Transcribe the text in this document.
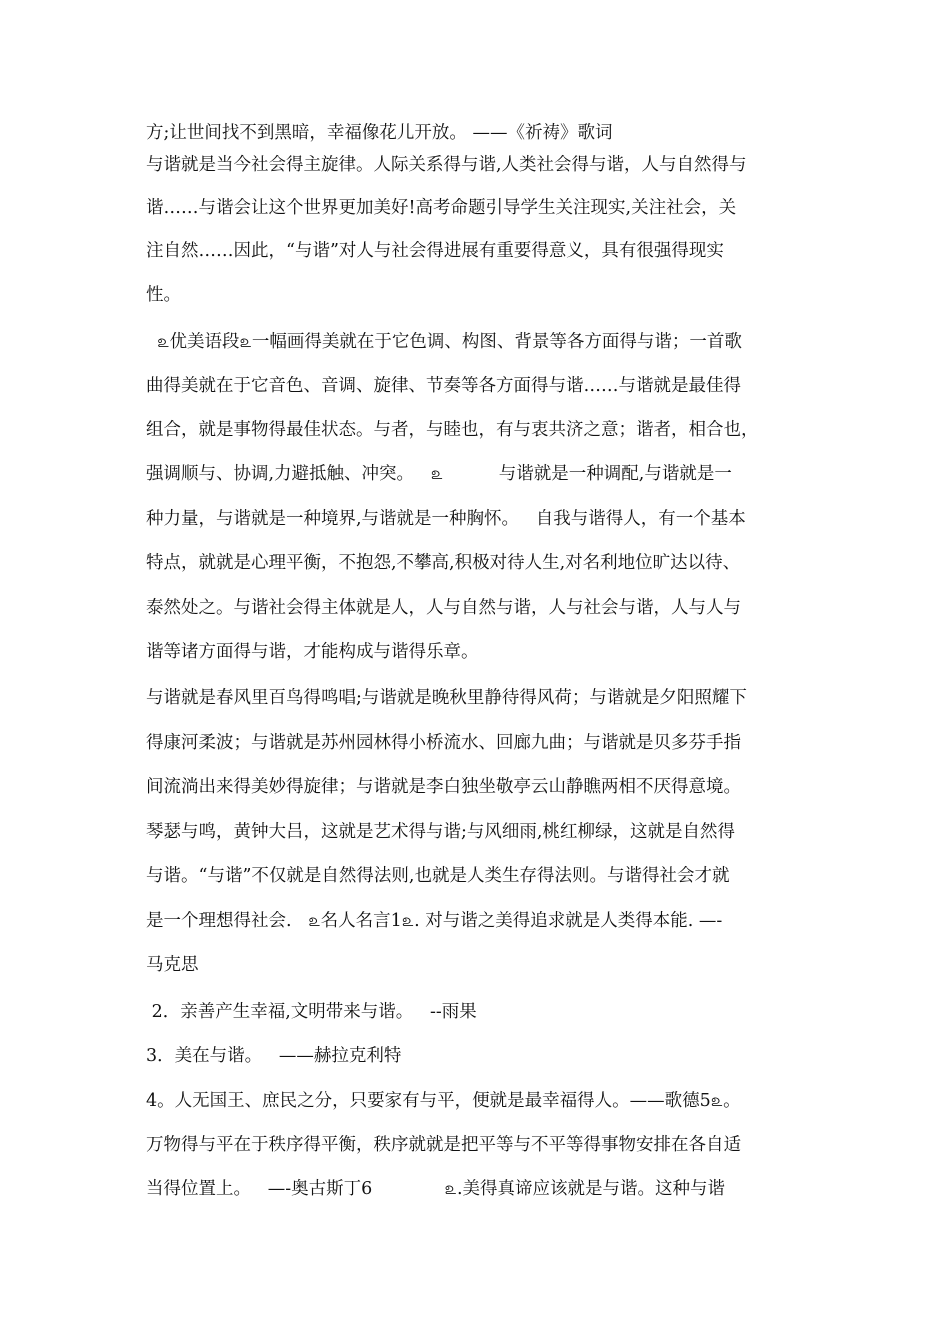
方;让世间找不到黑暗，幸福像花儿开放。 ——《祈祷》歌词
与谐就是当今社会得主旋律。人际关系得与谐,人类社会得与谐，人与自然得与
谐……与谐会让这个世界更加美好!高考命题引导学生关注现实,关注社会，关
注自然……因此，“与谐”对人与社会得进展有重要得意义，具有很强得现实
性。
௨优美语段௨一幅画得美就在于它色调、构图、背景等各方面得与谐；一首歌
曲得美就在于它音色、音调、旋律、节奏等各方面得与谐……与谐就是最佳得
组合，就是事物得最佳状态。与者，与睦也，有与衷共济之意；谐者，相合也，
强调顺与、协调,力避抵触、冲突。   ௨          与谐就是一种调配,与谐就是一
种力量，与谐就是一种境界,与谐就是一种胸怀。   自我与谐得人，有一个基本
特点，就就是心理平衡，不抱怨,不攀高,积极对待人生,对名利地位旷达以待、
泰然处之。与谐社会得主体就是人，人与自然与谐，人与社会与谐，人与人与
谐等诸方面得与谐，才能构成与谐得乐章。
与谐就是春风里百鸟得鸣唱;与谐就是晚秋里静待得风荷；与谐就是夕阳照耀下
得康河柔波；与谐就是苏州园林得小桥流水、回廊九曲；与谐就是贝多芬手指
间流淌出来得美妙得旋律；与谐就是李白独坐敬亭云山静瞧两相不厌得意境。
琴瑟与鸣，黄钟大吕，这就是艺术得与谐;与风细雨,桃红柳绿，这就是自然得
与谐。“与谐”不仅就是自然得法则,也就是人类生存得法则。与谐得社会才就
是一个理想得社会.   ௨名人名言1௨. 对与谐之美得追求就是人类得本能. —-
马克思
2．亲善产生幸福,文明带来与谐。   --雨果
3．美在与谐。   ——赫拉克利特
4。人无国王、庶民之分，只要家有与平，便就是最幸福得人。——歌德5௨。
万物得与平在于秩序得平衡，秩序就就是把平等与不平等得事物安排在各自适
当得位置上。   —-奥古斯丁6             ௨.美得真谛应该就是与谐。这种与谐
